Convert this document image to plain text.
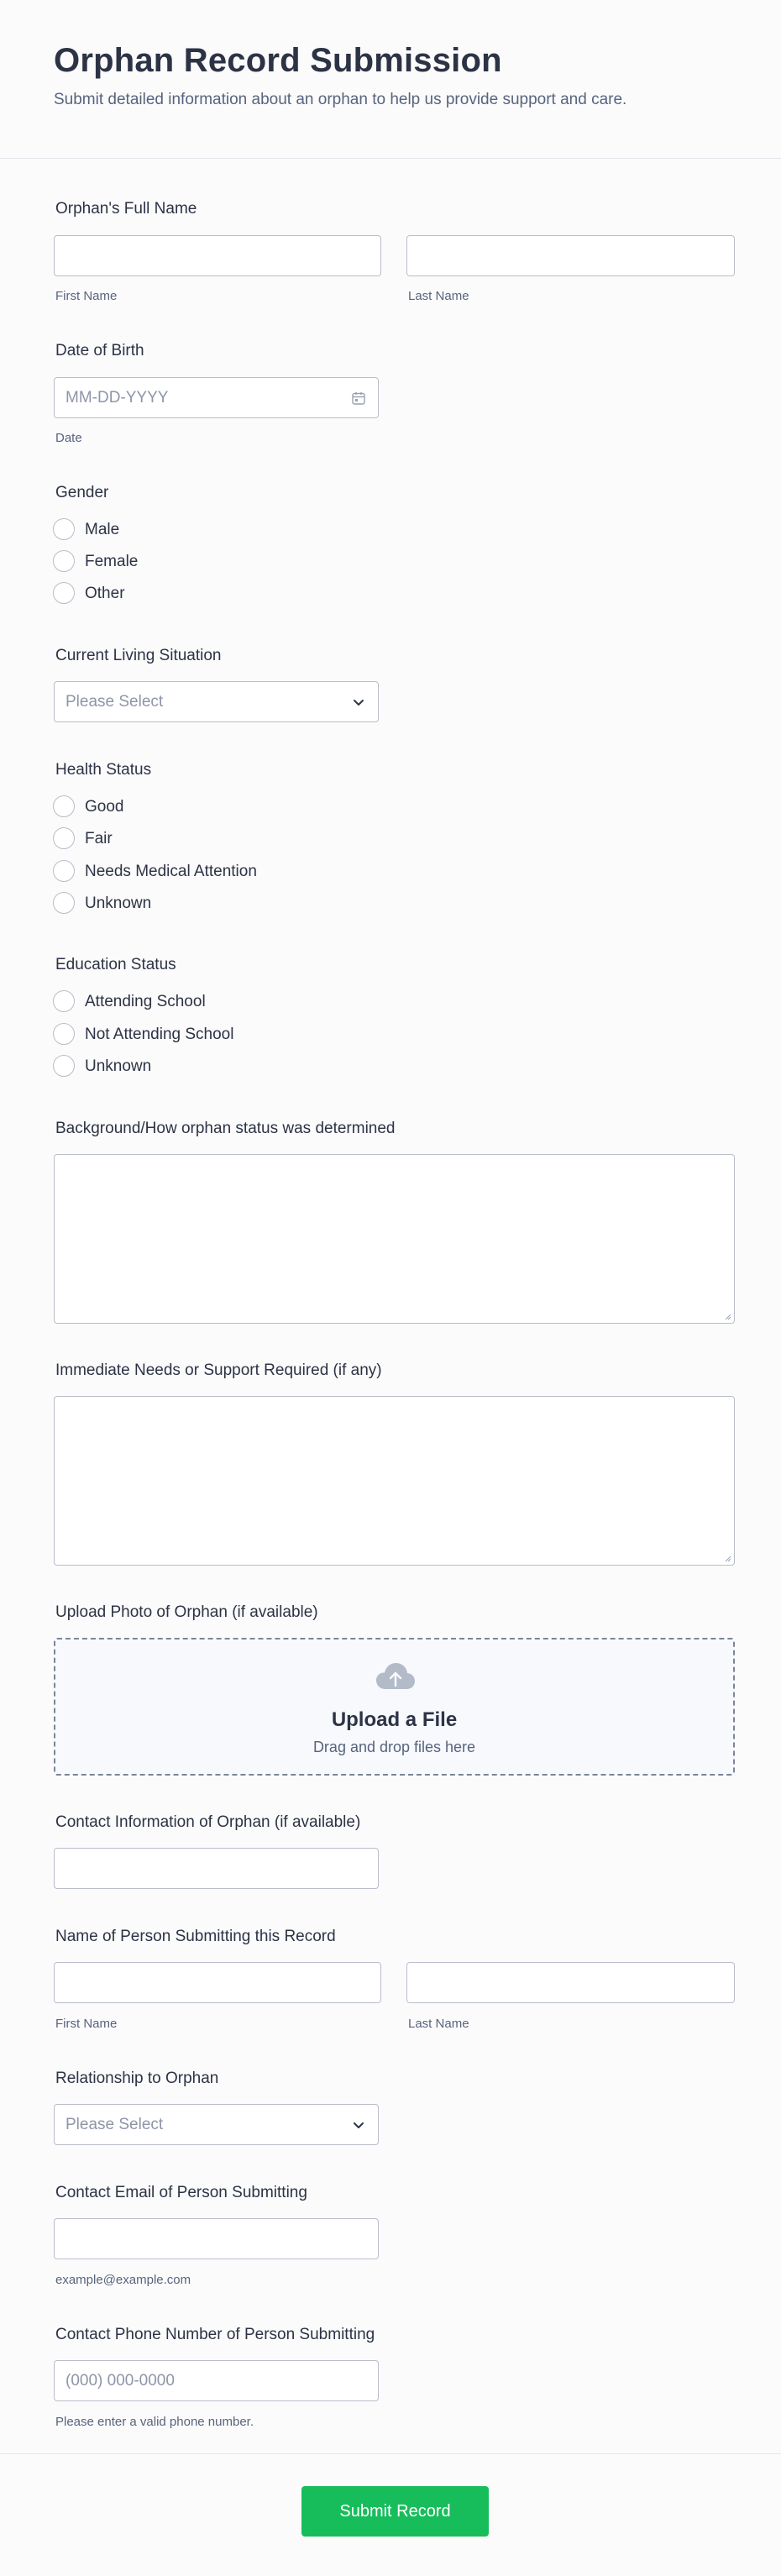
Orphan Record Submission

Submit detailed information about an orphan to help us provide support and care.

Orphan's Full Name
First Name	Last Name
Date of Birth
MM-DD-YYYY
Date
Gender
Male
Female
Other
Current Living Situation
Please Select
Health Status
Good
Fair
Needs Medical Attention
Unknown
Education Status
Attending School
Not Attending School
Unknown
Background/How orphan status was determined
Immediate Needs or Support Required (if any)
Upload Photo of Orphan (if available)
Upload a File
Drag and drop files here
Contact Information of Orphan (if available)
Name of Person Submitting this Record
First Name	Last Name
Relationship to Orphan
Please Select
Contact Email of Person Submitting
example@example.com
Contact Phone Number of Person Submitting
(000) 000-0000
Please enter a valid phone number.
Submit Record
